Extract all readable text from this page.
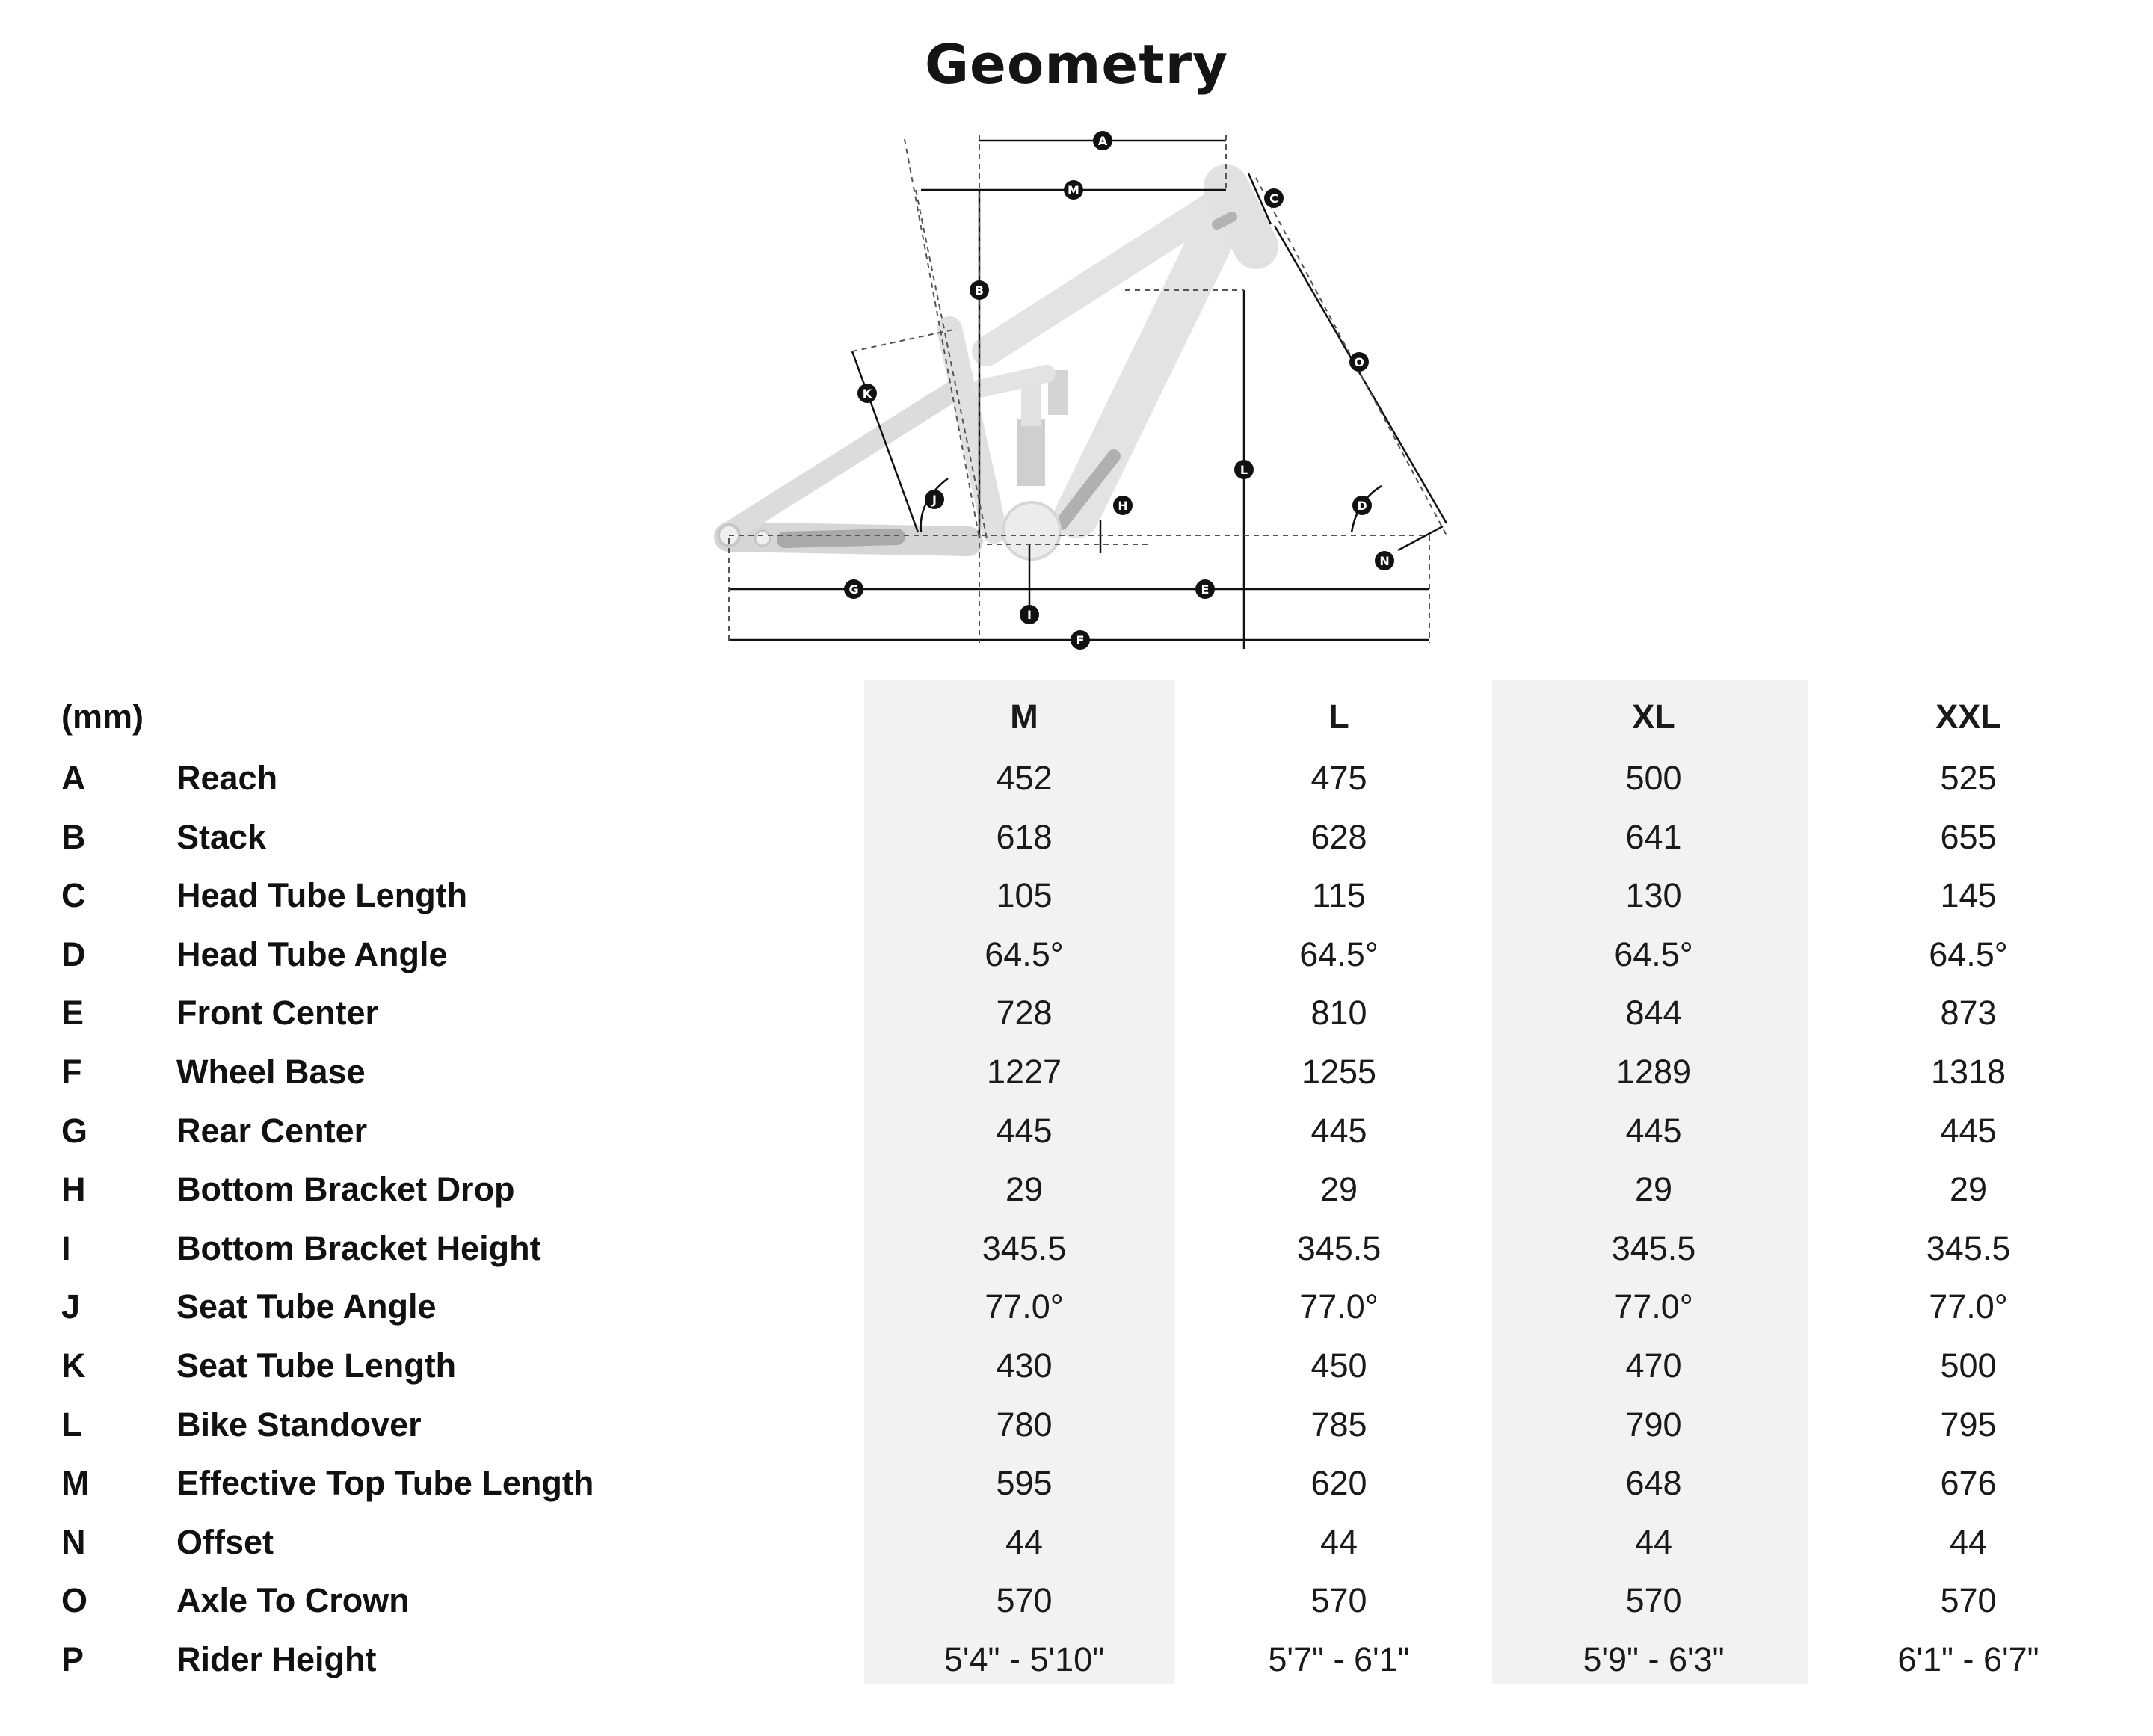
Geometry
A
M
C
B
O
K
L
J	H	D
N
G	E
I
F
(mm)	M	L	XL	XXL
A	Reach	452	475	500	525
B	Stack	618	628	641	655
C	Head Tube Length	105	115	130	145
D	Head Tube Angle	64.5°	64.5°	64.5°	64.5°
E	Front Center	728	810	844	873
F	Wheel Base	1227	1255	1289	1318
G	Rear Center	445	445	445	445
H	Bottom Bracket Drop	29	29	29	29
I	Bottom Bracket Height	345.5	345.5	345.5	345.5
J	Seat Tube Angle	77.0°	77.0°	77.0°	77.0°
K	Seat Tube Length	430	450	470	500
L	Bike Standover	780	785	790	795
M	Effective Top Tube Length	595	620	648	676
N	Offset	44	44	44	44
O	Axle To Crown	570	570	570	570
P	Rider Height	5'4" - 5'10"	5'7" - 6'1"	5'9" - 6'3"	6'1" - 6'7"
